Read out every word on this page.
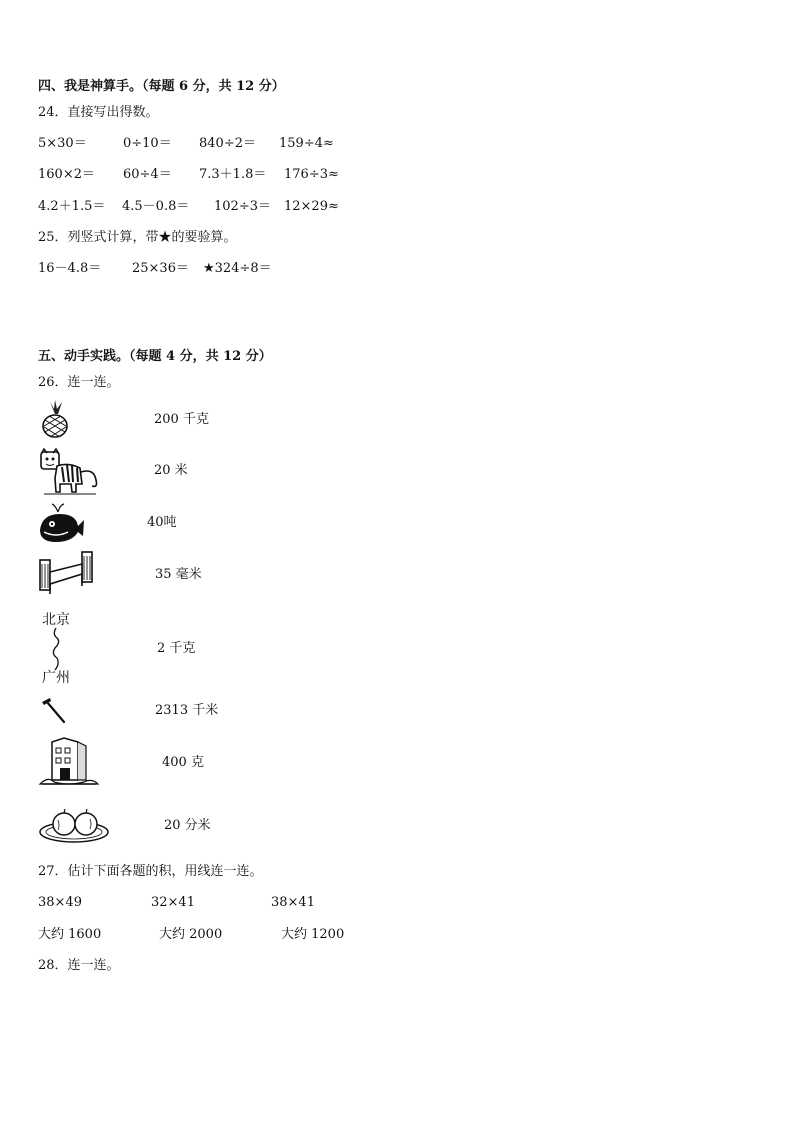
四、我是神算手。（每题 6 分，共 12 分）
24．直接写出得数。
5×30＝	0÷10＝ 840÷2＝ 159÷4≈
160×2＝ 60÷4＝ 7.3＋1.8＝ 176÷3≈
4.2＋1.5＝ 4.5－0.8＝ 102÷3＝ 12×29≈
25．列竖式计算，带★的要验算。
16－4.8＝ 25×36＝ ★324÷8＝
五、动手实践。（每题 4 分，共 12 分）
26．连一连。
200 千克
20 米
40吨
35 毫米
北京
广州
2 千克
2313 千米
400 克
20 分米
27．估计下面各题的积，用线连一连。
38×49	32×41	38×41
大约 1600	大约 2000	大约 1200
28．连一连。
